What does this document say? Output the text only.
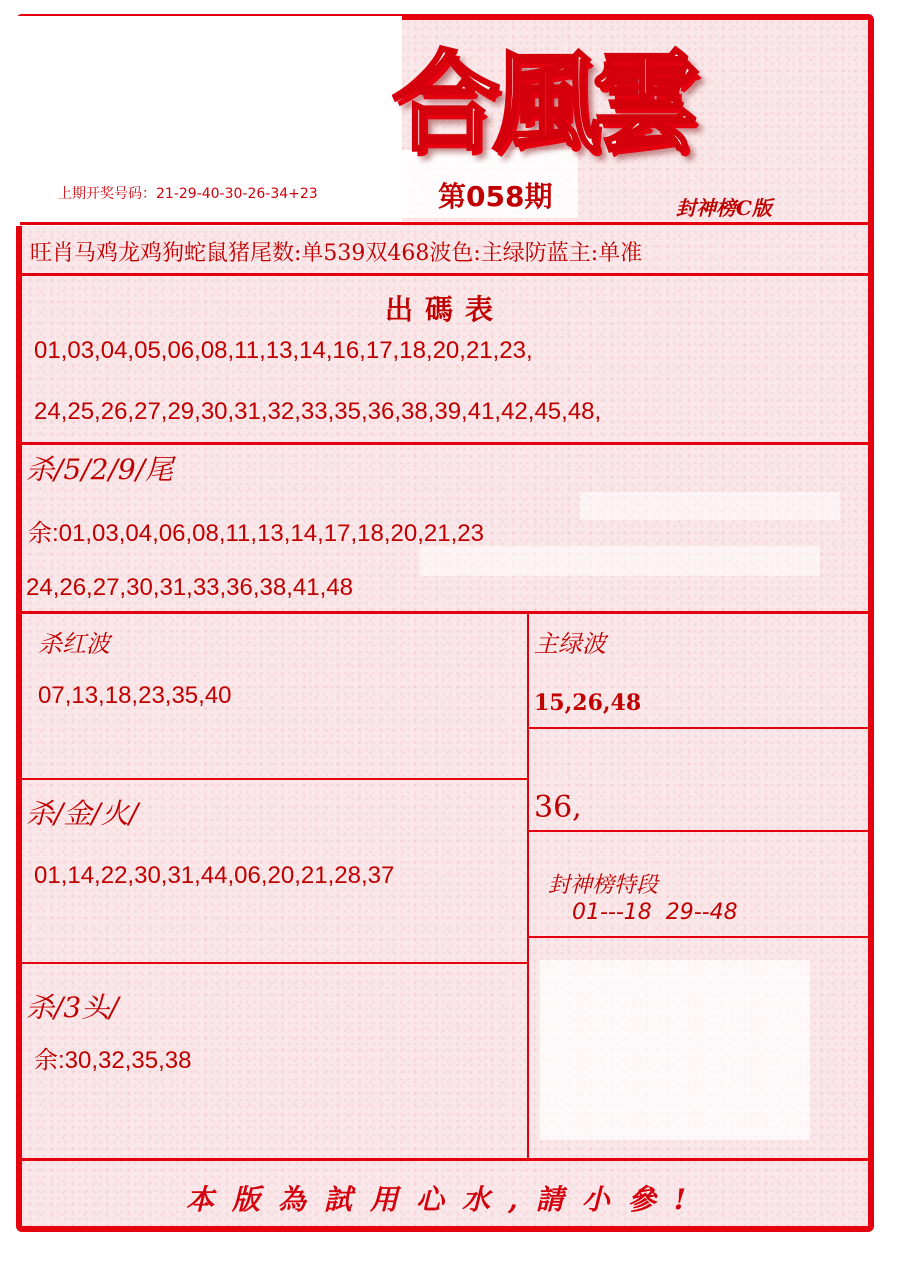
合風雲
上期开奖号码：21-29-40-30-26-34+23	第058期	封神榜C版
旺肖马鸡龙鸡狗蛇鼠猪尾数:单539双468波色:主绿防蓝主:单准
出碼表
01,03,04,05,06,08,11,13,14,16,17,18,20,21,23,
24,25,26,27,29,30,31,32,33,35,36,38,39,41,42,45,48,
杀/5/2/9/尾
余:01,03,04,06,08,11,13,14,17,18,20,21,23
24,26,27,30,31,33,36,38,41,48
杀红波
07,13,18,23,35,40
主绿波
15,26,48
36,
杀/金/火/
01,14,22,30,31,44,06,20,21,28,37	封神榜特段
01---18  29--48
杀/3头/
余:30,32,35,38
本版為試用心水,請小參!
